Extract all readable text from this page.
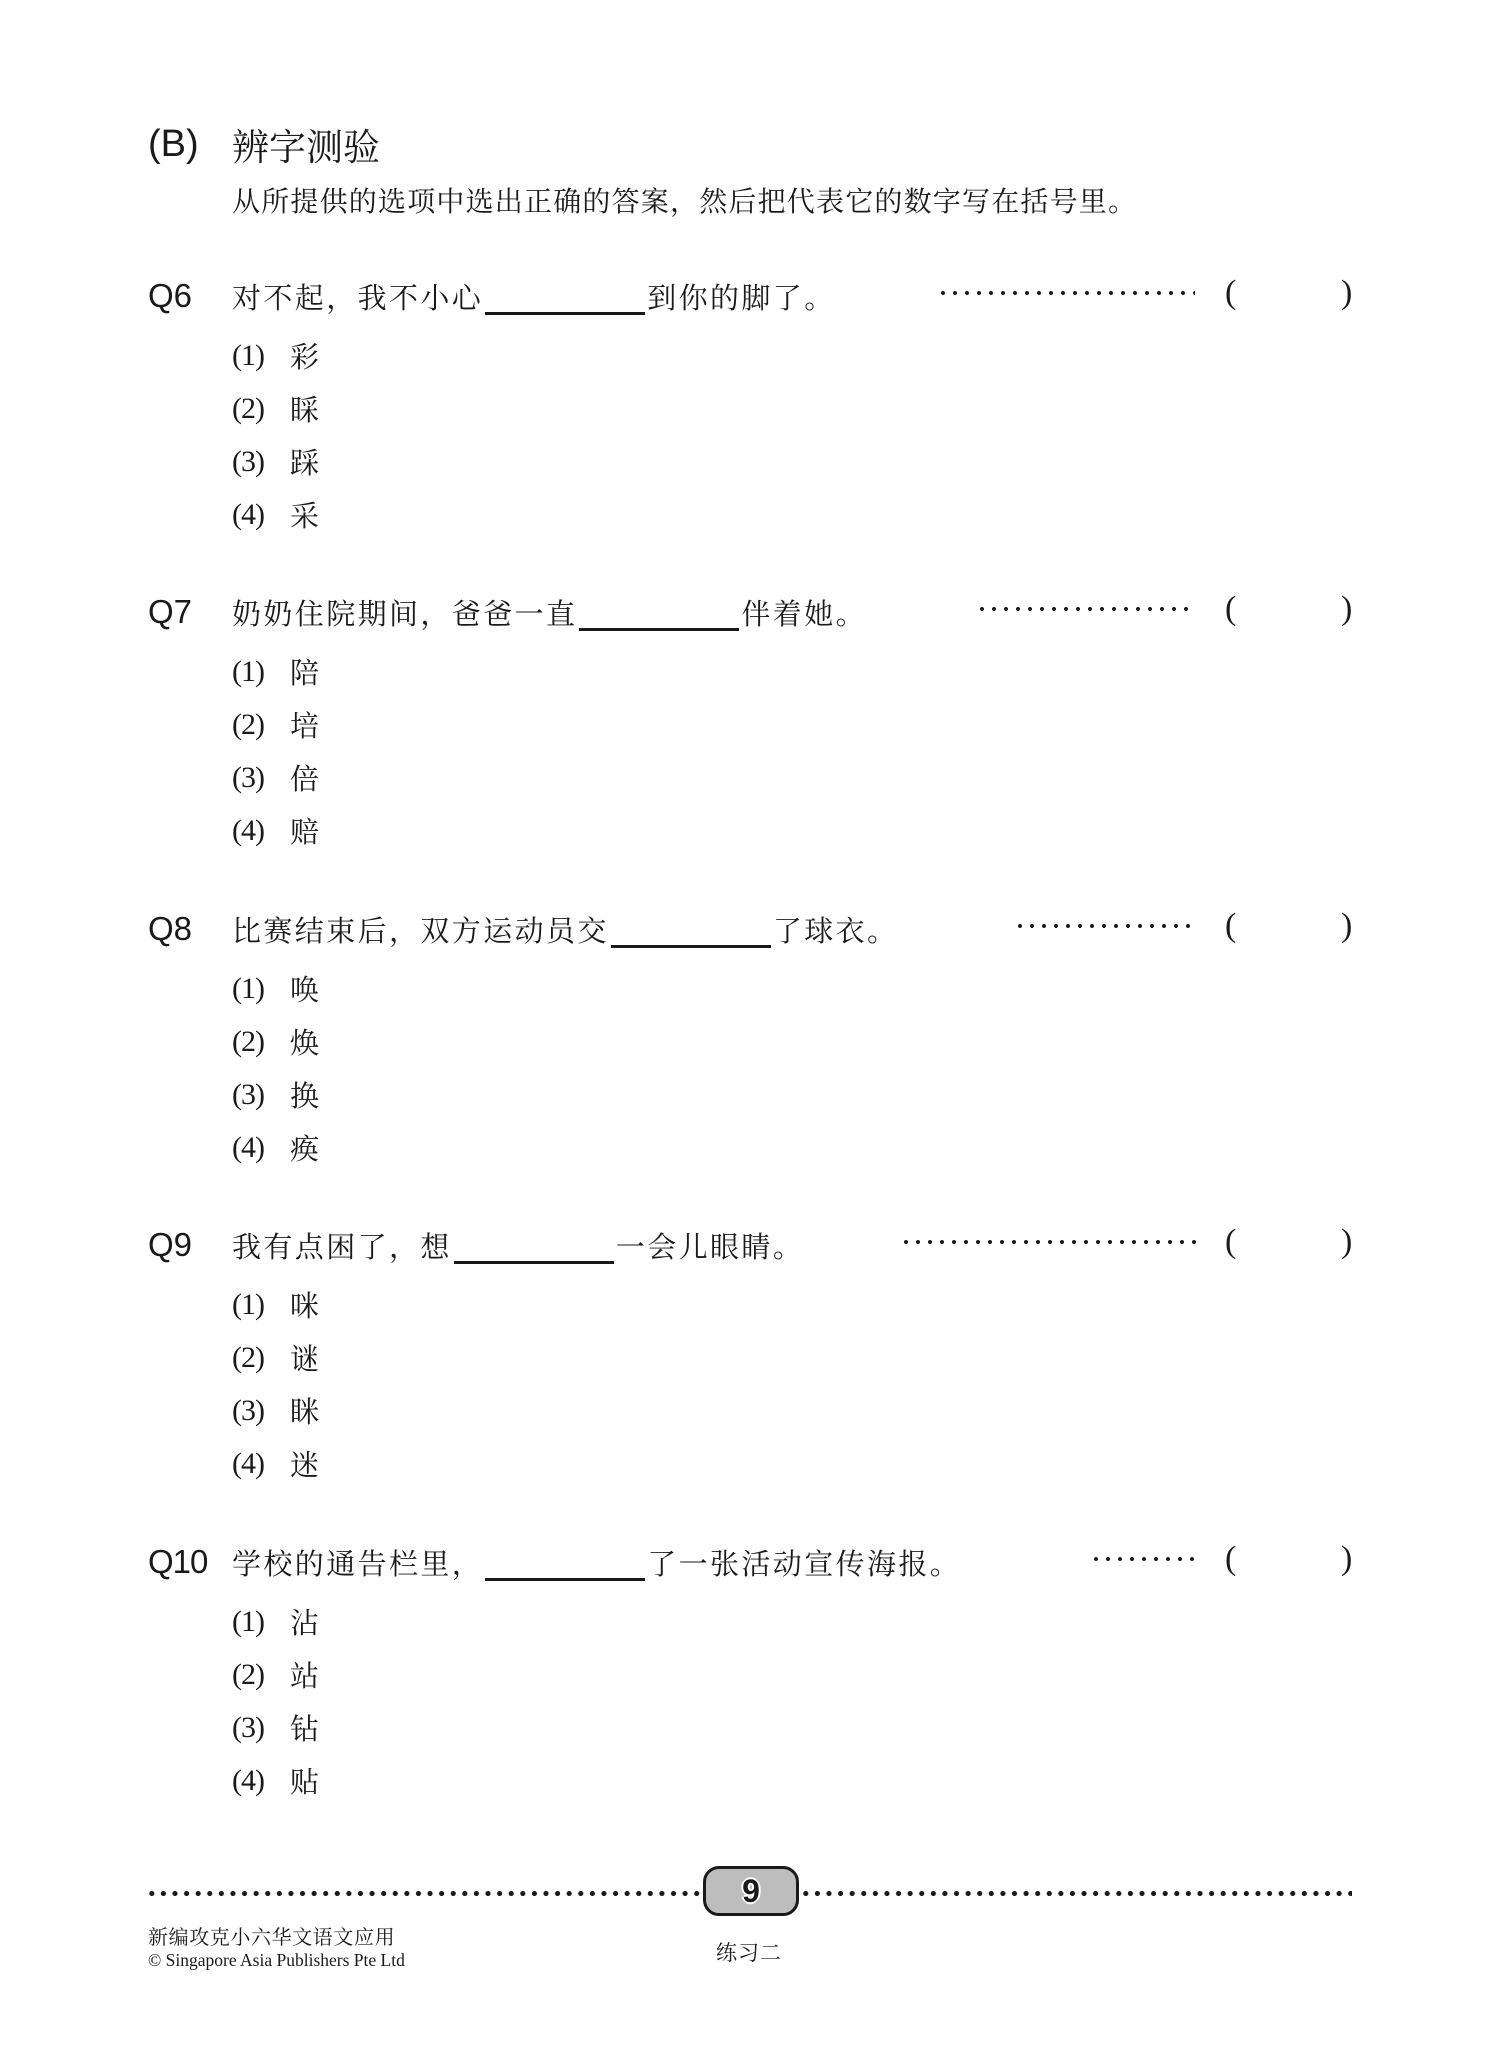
(B) 辨字测验
从所提供的选项中选出正确的答案，然后把代表它的数字写在括号里。
Q6	对不起，我不小心	到你的脚了。	(	)
(1) 彩
(2) 睬
(3) 踩
(4) 采
Q7	奶奶住院期间，爸爸一直	伴着她。	(	)
(1) 陪
(2) 培
(3) 倍
(4) 赔
Q8	比赛结束后，双方运动员交	了球衣。	(	)
(1) 唤
(2) 焕
(3) 换
(4) 痪
Q9	我有点困了，想	一会儿眼睛。	(	)
(1) 咪
(2) 谜
(3) 眯
(4) 迷
Q10 学校的通告栏里，	了一张活动宣传海报。	(	)
(1) 沾
(2) 站
(3) 钻
(4) 贴
9
新编攻克小六华文语文应用
© Singapore Asia Publishers Pte Ltd	练习二
